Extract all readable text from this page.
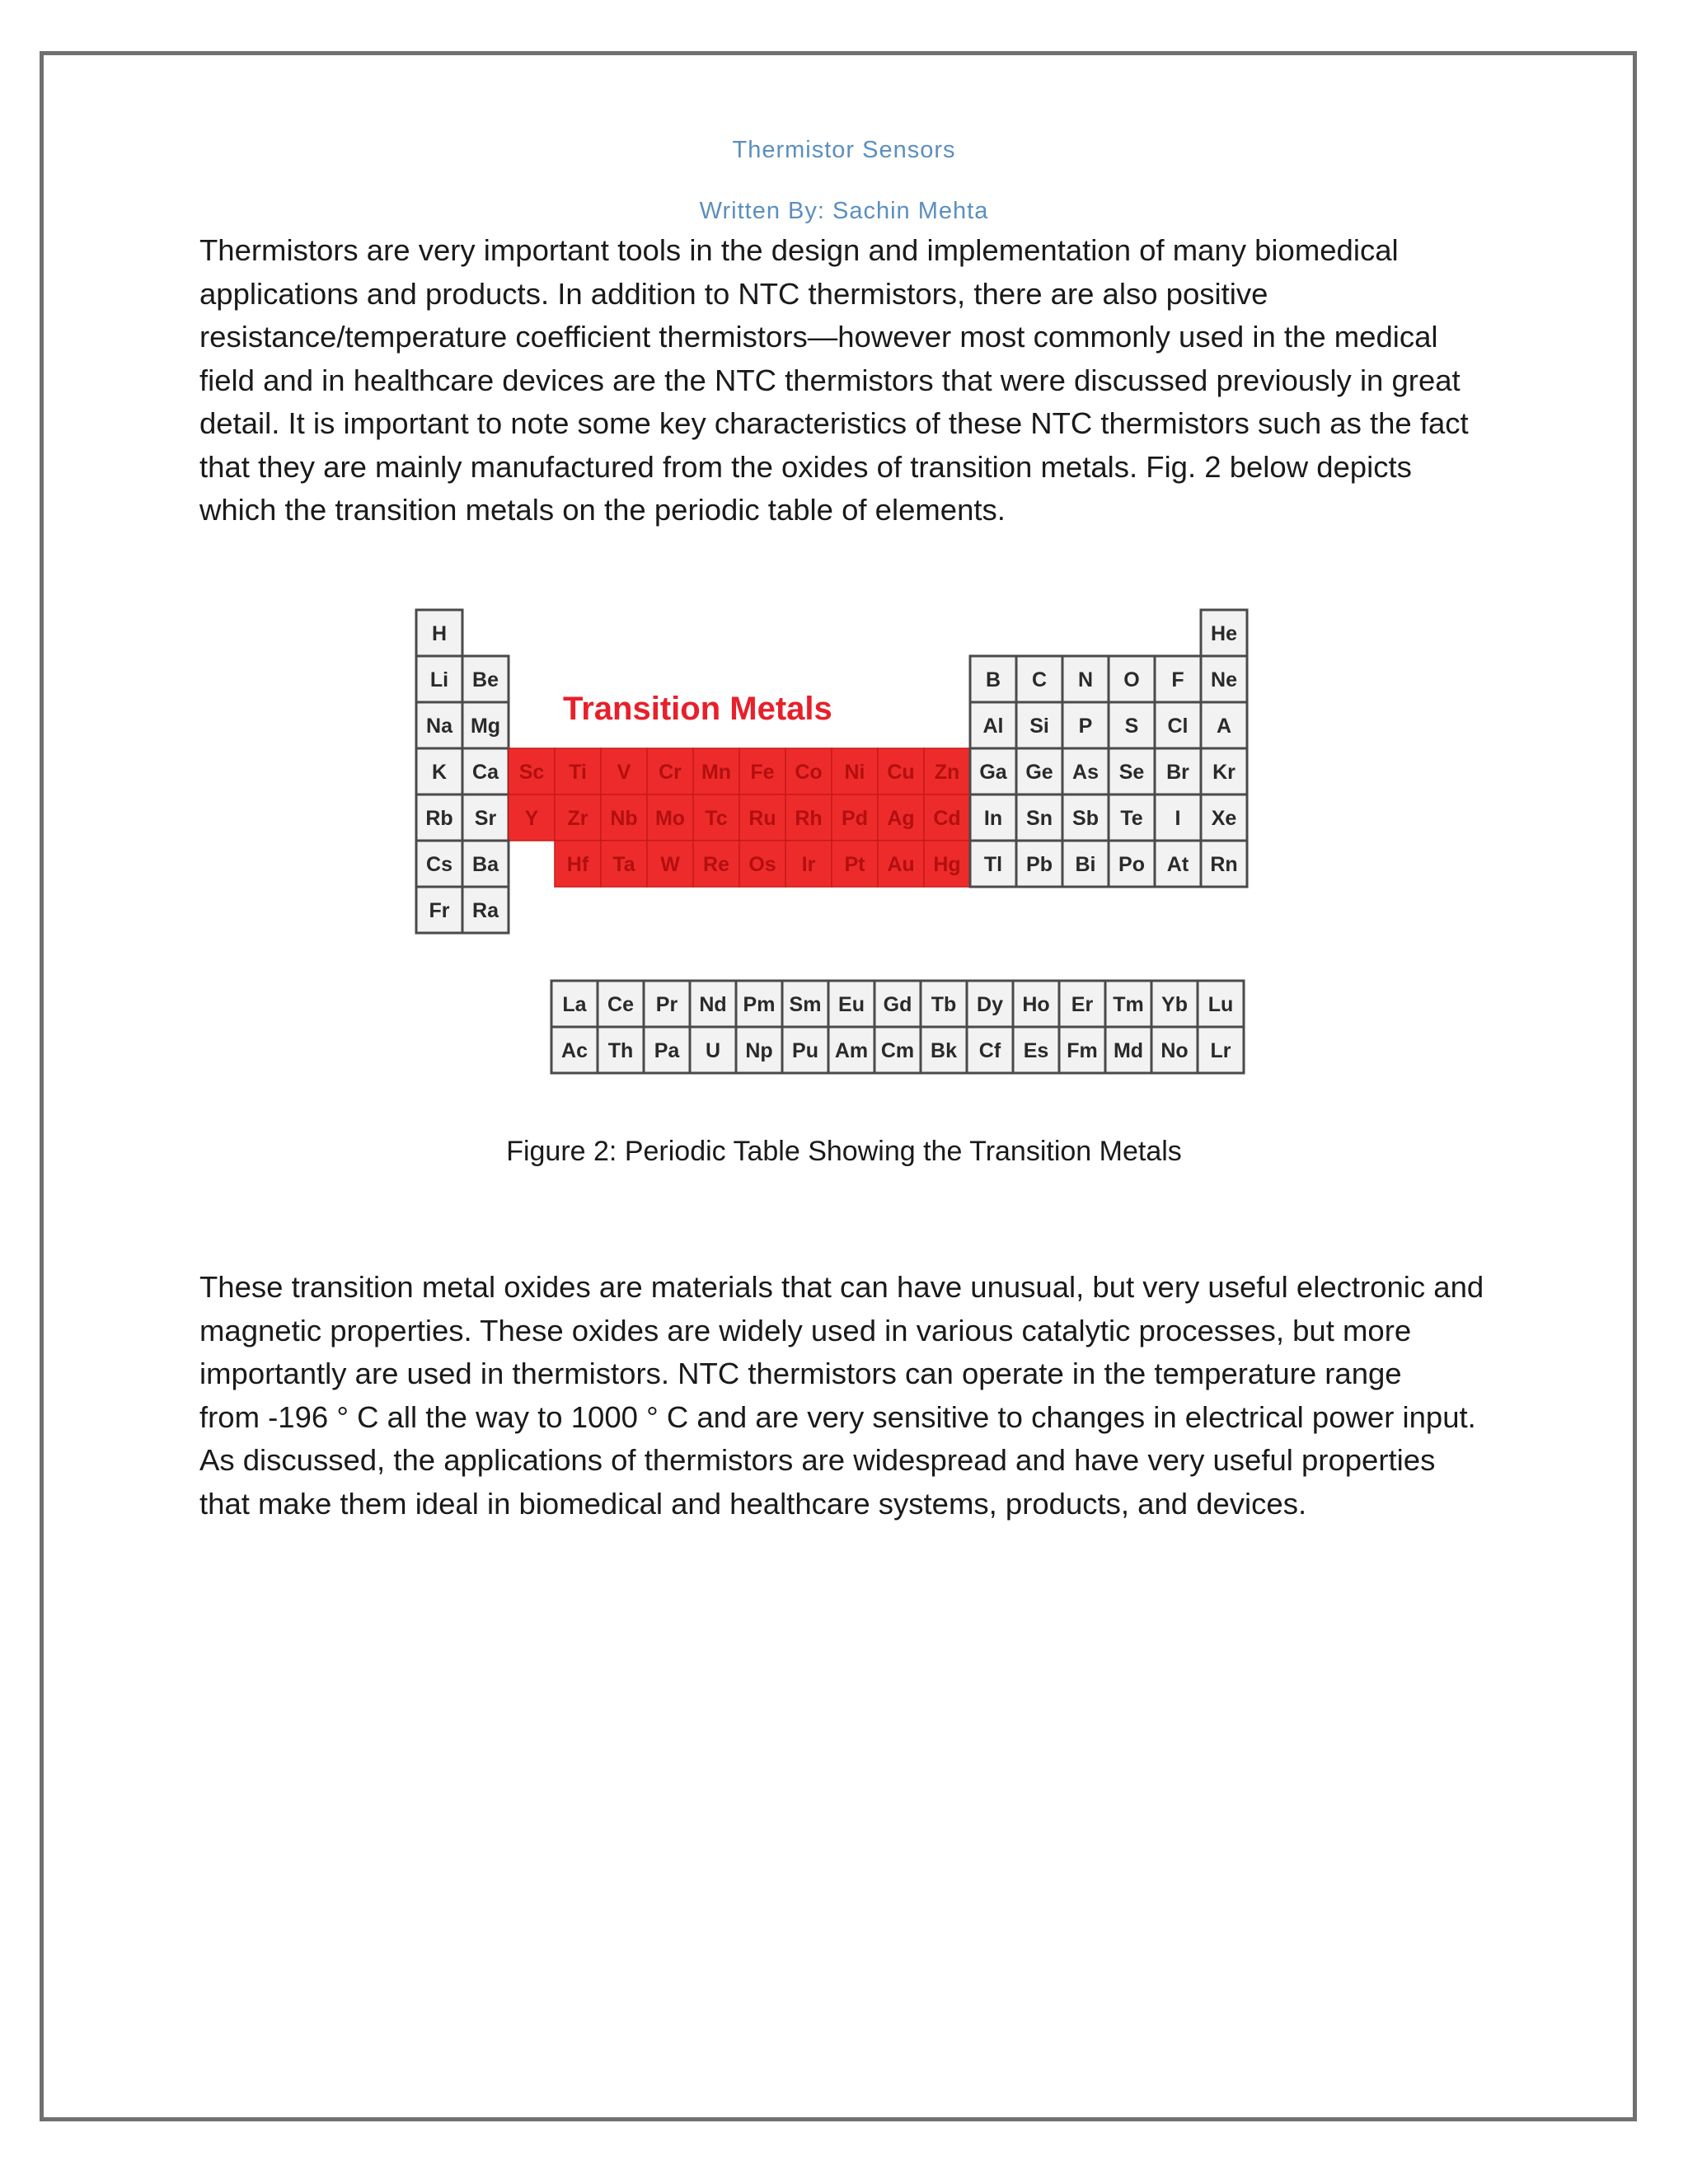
Thermistor Sensors
Written By: Sachin Mehta
Thermistors are very important tools in the design and implementation of many biomedical
applications and products. In addition to NTC thermistors, there are also positive
resistance/temperature coefficient thermistors—however most commonly used in the medical
field and in healthcare devices are the NTC thermistors that were discussed previously in great
detail. It is important to note some key characteristics of these NTC thermistors such as the fact
that they are mainly manufactured from the oxides of transition metals. Fig. 2 below depicts
which the transition metals on the periodic table of elements.
Transition Metals
H	He
Li Be	B C N O F Ne
Na Mg	Al Si P S Cl A
K Ca Sc Ti V Cr Mn Fe Co Ni Cu Zn Ga Ge As Se Br Kr
Rb Sr Y Zr Nb Mo Tc Ru Rh Pd Ag Cd In Sn Sb Te I Xe
Cs Ba	Hf Ta W Re Os Ir Pt Au Hg Tl Pb Bi Po At Rn
Fr Ra
La Ce Pr Nd Pm Sm Eu Gd Tb Dy Ho Er Tm Yb Lu
Ac Th Pa U Np Pu Am Cm Bk Cf Es Fm Md No Lr
Figure 2: Periodic Table Showing the Transition Metals
These transition metal oxides are materials that can have unusual, but very useful electronic and
magnetic properties. These oxides are widely used in various catalytic processes, but more
importantly are used in thermistors. NTC thermistors can operate in the temperature range
from -196 ° C all the way to 1000 ° C and are very sensitive to changes in electrical power input.
As discussed, the applications of thermistors are widespread and have very useful properties
that make them ideal in biomedical and healthcare systems, products, and devices.
